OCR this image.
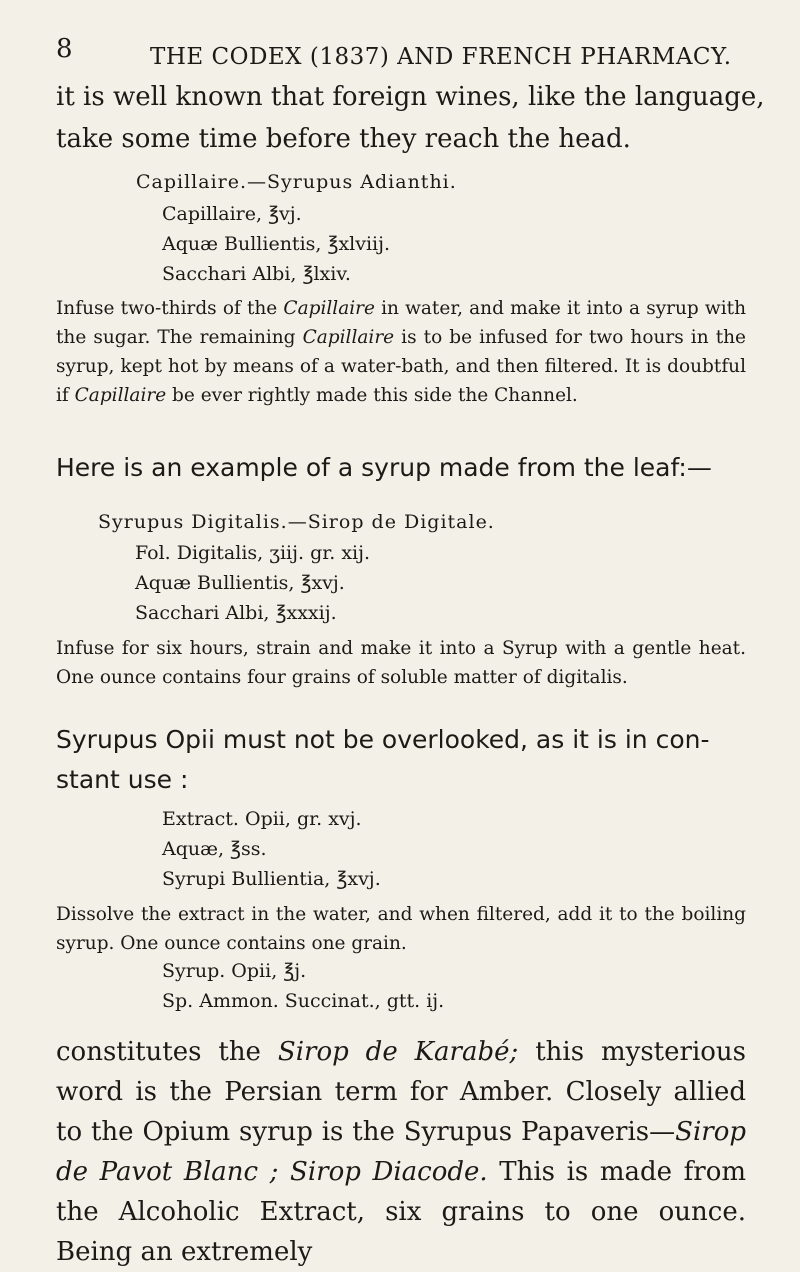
8	THE CODEX (1837) AND FRENCH PHARMACY.

it is well known that foreign wines, like the language,

take some time before they reach the head.

Capillaire.—Syrupus Adianthi.
Capillaire, ℥vj.
Aquæ Bullientis, ℥xlviij.
Sacchari Albi, ℥lxiv.

Infuse two-thirds of the Capillaire in water, and make it into a syrup with the sugar. The remaining Capillaire is to be infused for two hours in the syrup, kept hot by means of a water-bath, and then filtered. It is doubtful if Capillaire be ever rightly made this side the Channel.

Here is an example of a syrup made from the leaf:—

Syrupus Digitalis.—Sirop de Digitale.
Fol. Digitalis, ʒiij. gr. xij.
Aquæ Bullientis, ℥xvj.
Sacchari Albi, ℥xxxij.

Infuse for six hours, strain and make it into a Syrup with a gentle heat. One ounce contains four grains of soluble matter of digitalis.

Syrupus Opii must not be overlooked, as it is in con-

stant use :

Extract. Opii, gr. xvj.
Aquæ, ℥ss.
Syrupi Bullientia, ℥xvj.

Dissolve the extract in the water, and when filtered, add it to the boiling syrup. One ounce contains one grain.

Syrup. Opii, ℥j.
Sp. Ammon. Succinat., gtt. ij.

constitutes the Sirop de Karabé; this mysterious word is the Persian term for Amber. Closely allied to the Opium syrup is the Syrupus Papaveris—Sirop de Pavot Blanc ; Sirop Diacode. This is made from the Alcoholic Extract, six grains to one ounce. Being an extremely
